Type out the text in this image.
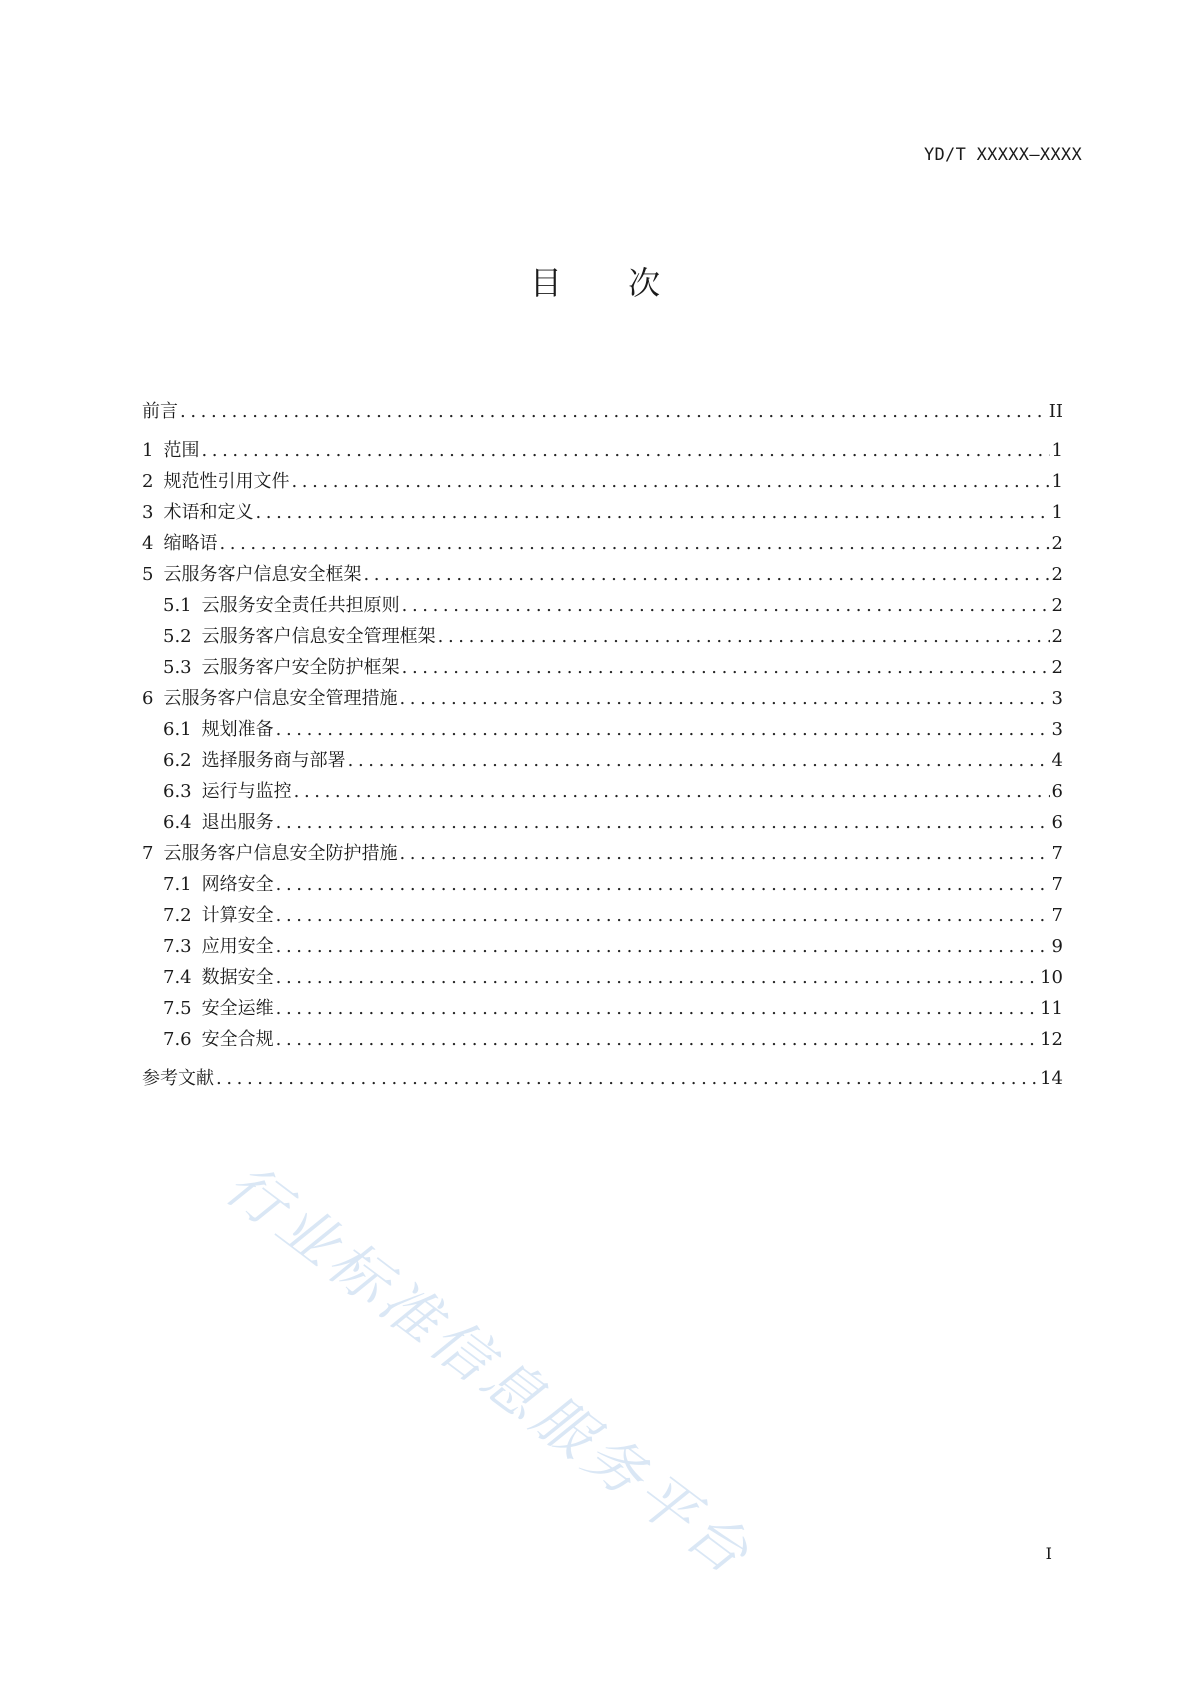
YD/T XXXXX—XXXX
目 次
前言 .....	II
1 范围 .....	1
2 规范性引用文件 .....	1
3 术语和定义 .....	1
4 缩略语 .....	2
5 云服务客户信息安全框架 .....	2
5.1 云服务安全责任共担原则 .....	2
5.2 云服务客户信息安全管理框架 .....	2
5.3 云服务客户安全防护框架 .....	2
6 云服务客户信息安全管理措施 .....	3
6.1 规划准备 .....	3
6.2 选择服务商与部署 .....	4
6.3 运行与监控 .....	6
6.4 退出服务 .....	6
7 云服务客户信息安全防护措施 .....	7
7.1 网络安全 .....	7
7.2 计算安全 .....	7
7.3 应用安全 .....	9
7.4 数据安全 .....	10
7.5 安全运维 .....	11
7.6 安全合规 .....	12
参考文献 .....	14
I
行业标准信息服务平台
